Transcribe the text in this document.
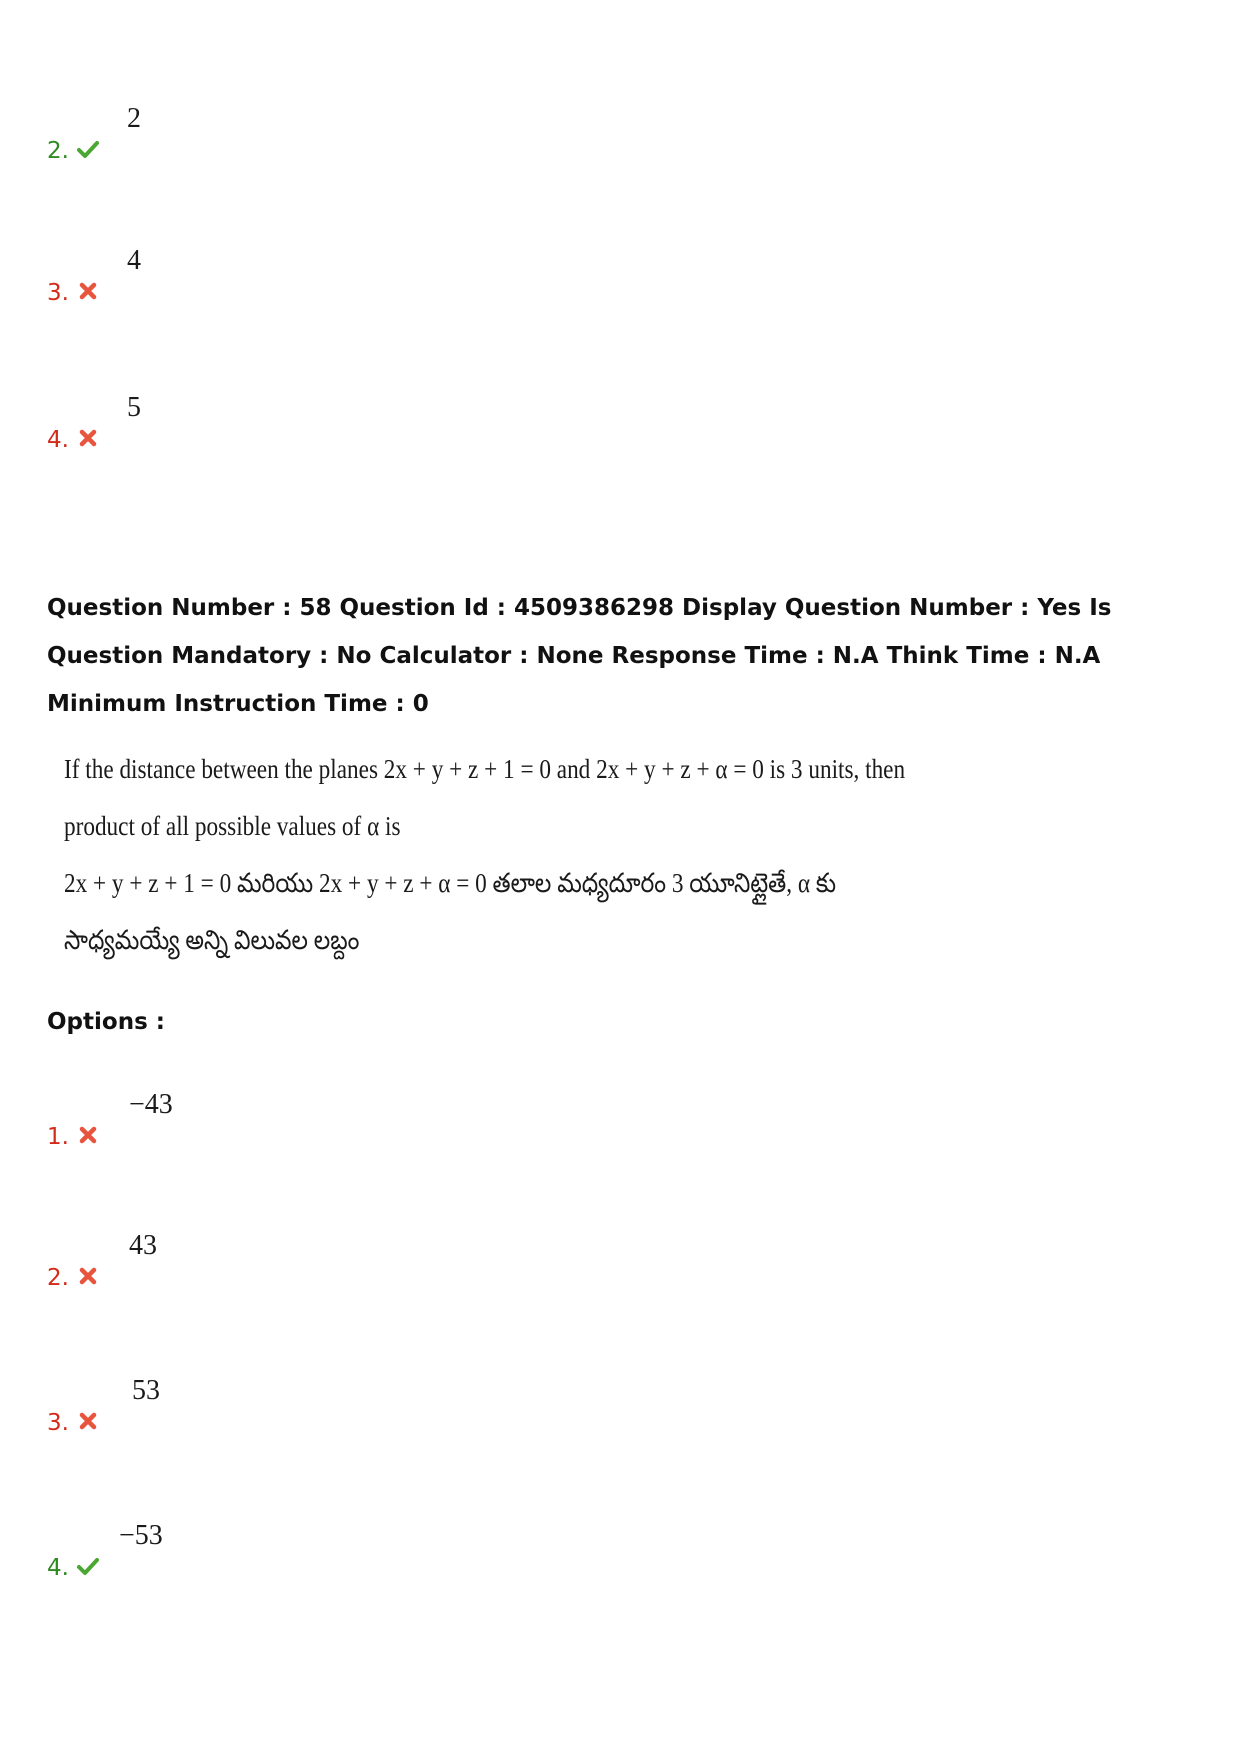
2.
2
3.
4
4.
5
Question Number : 58 Question Id : 4509386298 Display Question Number : Yes Is Question Mandatory : No Calculator : None Response Time : N.A Think Time : N.A Minimum Instruction Time : 0
If the distance between the planes 2x + y + z + 1 = 0 and 2x + y + z + α = 0 is 3 units, then
product of all possible values of α is
2x + y + z + 1 = 0 మరియు 2x + y + z + α = 0 తలాల మధ్యదూరం 3 యూనిట్లైతే, α కు
సాధ్యమయ్యే అన్ని విలువల లబ్దం
Options :
1.
−43
2.
43
3.
53
4.
−53
